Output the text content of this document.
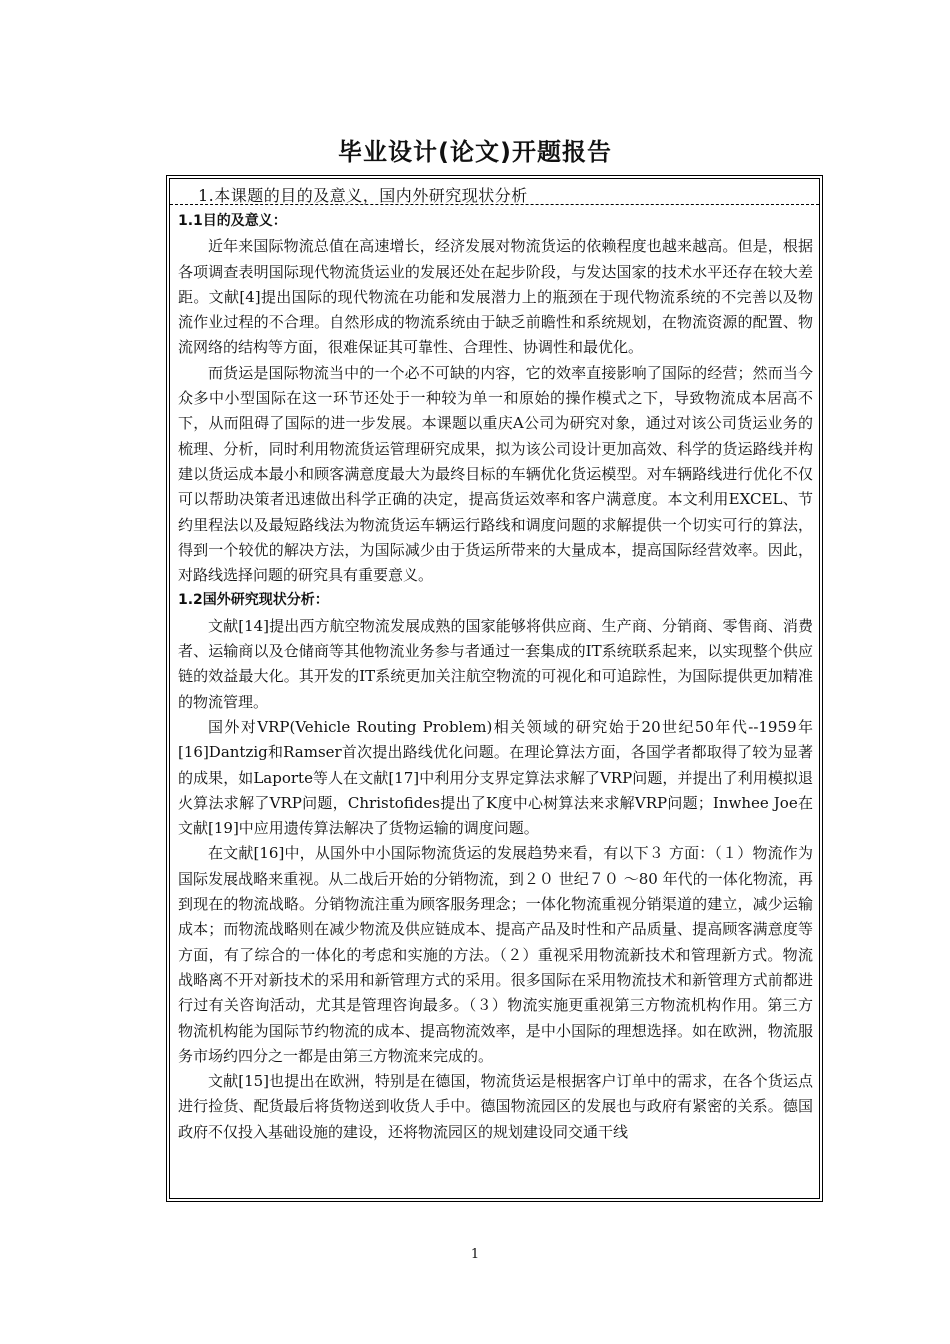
毕业设计(论文)开题报告
1.本课题的目的及意义，国内外研究现状分析

1.1目的及意义：

近年来国际物流总值在高速增长，经济发展对物流货运的依赖程度也越来越高。但是，根据各项调查表明国际现代物流货运业的发展还处在起步阶段，与发达国家的技术水平还存在较大差距。文献[4]提出国际的现代物流在功能和发展潜力上的瓶颈在于现代物流系统的不完善以及物流作业过程的不合理。自然形成的物流系统由于缺乏前瞻性和系统规划，在物流资源的配置、物流网络的结构等方面，很难保证其可靠性、合理性、协调性和最优化。

而货运是国际物流当中的一个必不可缺的内容，它的效率直接影响了国际的经营；然而当今众多中小型国际在这一环节还处于一种较为单一和原始的操作模式之下，导致物流成本居高不下，从而阻碍了国际的进一步发展。本课题以重庆A公司为研究对象，通过对该公司货运业务的梳理、分析，同时利用物流货运管理研究成果，拟为该公司设计更加高效、科学的货运路线并构建以货运成本最小和顾客满意度最大为最终目标的车辆优化货运模型。对车辆路线进行优化不仅可以帮助决策者迅速做出科学正确的决定，提高货运效率和客户满意度。本文利用EXCEL、节约里程法以及最短路线法为物流货运车辆运行路线和调度问题的求解提供一个切实可行的算法，得到一个较优的解决方法，为国际减少由于货运所带来的大量成本，提高国际经营效率。因此，对路线选择问题的研究具有重要意义。

1.2国外研究现状分析：

文献[14]提出西方航空物流发展成熟的国家能够将供应商、生产商、分销商、零售商、消费者、运输商以及仓储商等其他物流业务参与者通过一套集成的IT系统联系起来，以实现整个供应链的效益最大化。其开发的IT系统更加关注航空物流的可视化和可追踪性，为国际提供更加精准的物流管理。

国外对VRP(Vehicle Routing Problem)相关领域的研究始于20世纪50年代--1959年[16]Dantzig和Ramser首次提出路线优化问题。在理论算法方面，各国学者都取得了较为显著的成果，如Laporte等人在文献[17]中利用分支界定算法求解了VRP问题，并提出了利用模拟退火算法求解了VRP问题，Christofides提出了K度中心树算法来求解VRP问题；Inwhee Joe在文献[19]中应用遗传算法解决了货物运输的调度问题。

在文献[16]中，从国外中小国际物流货运的发展趋势来看，有以下３ 方面：（１）物流作为国际发展战略来重视。从二战后开始的分销物流，到２０ 世纪７０ ～80 年代的一体化物流，再到现在的物流战略。分销物流注重为顾客服务理念；一体化物流重视分销渠道的建立，减少运输成本；而物流战略则在减少物流及供应链成本、提高产品及时性和产品质量、提高顾客满意度等方面，有了综合的一体化的考虑和实施的方法。（２）重视采用物流新技术和管理新方式。物流战略离不开对新技术的采用和新管理方式的采用。很多国际在采用物流技术和新管理方式前都进行过有关咨询活动，尤其是管理咨询最多。（３）物流实施更重视第三方物流机构作用。第三方物流机构能为国际节约物流的成本、提高物流效率，是中小国际的理想选择。如在欧洲，物流服务市场约四分之一都是由第三方物流来完成的。

文献[15]也提出在欧洲，特别是在德国，物流货运是根据客户订单中的需求，在各个货运点进行捡货、配货最后将货物送到收货人手中。德国物流园区的发展也与政府有紧密的关系。德国政府不仅投入基础设施的建设，还将物流园区的规划建设同交通干线

1
